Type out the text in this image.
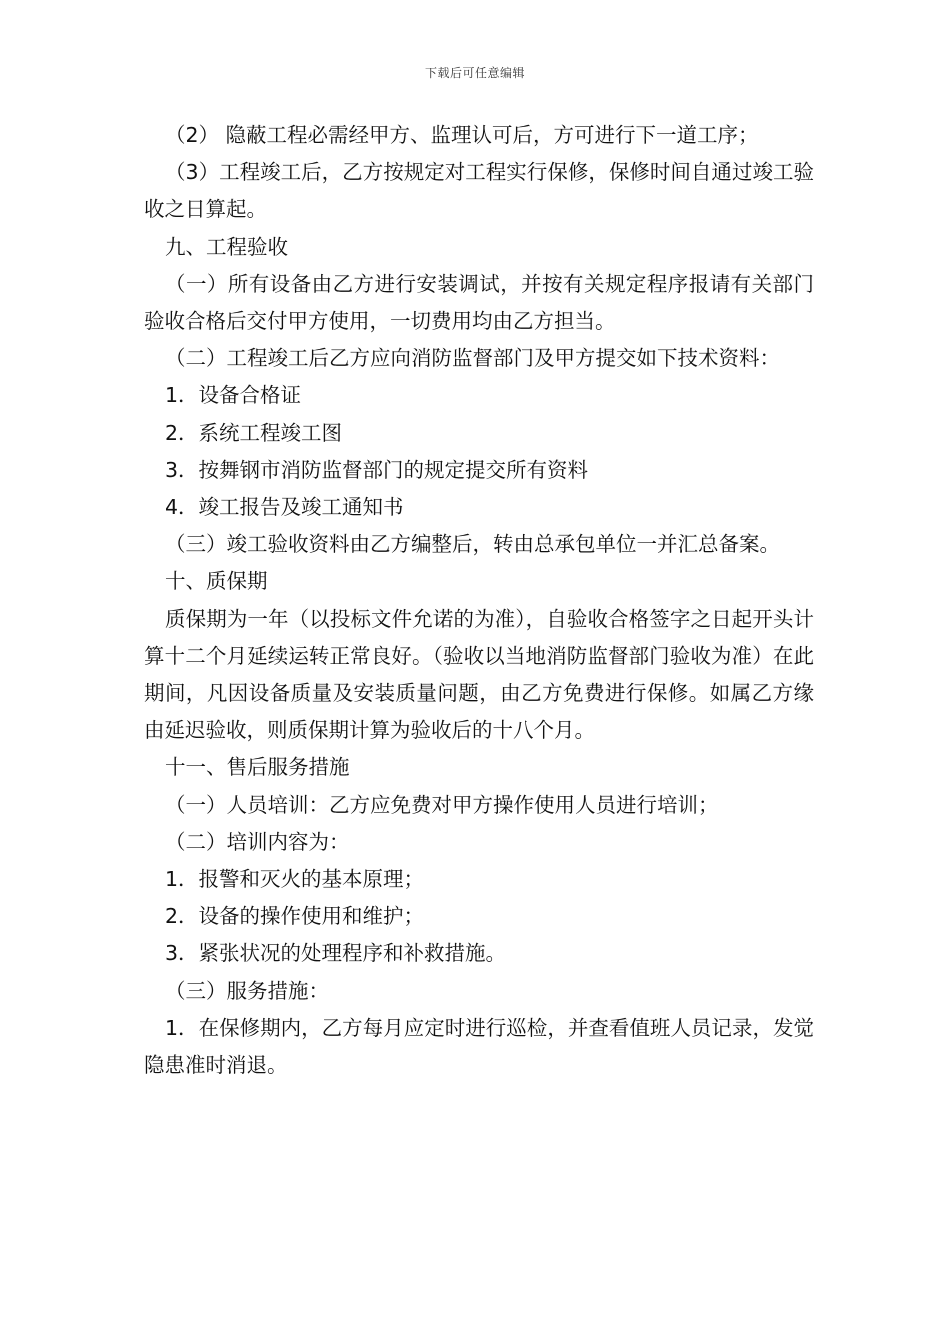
下载后可任意编辑

（2） 隐蔽工程必需经甲方、监理认可后，方可进行下一道工序；

（3）工程竣工后，乙方按规定对工程实行保修，保修时间自通过竣工验收之日算起。

九、工程验收

（一）所有设备由乙方进行安装调试，并按有关规定程序报请有关部门验收合格后交付甲方使用，一切费用均由乙方担当。

（二）工程竣工后乙方应向消防监督部门及甲方提交如下技术资料：

1．设备合格证

2．系统工程竣工图

3．按舞钢市消防监督部门的规定提交所有资料

4．竣工报告及竣工通知书

（三）竣工验收资料由乙方编整后，转由总承包单位一并汇总备案。

十、质保期

质保期为一年（以投标文件允诺的为准），自验收合格签字之日起开头计算十二个月延续运转正常良好。（验收以当地消防监督部门验收为准）在此期间，凡因设备质量及安装质量问题，由乙方免费进行保修。如属乙方缘由延迟验收，则质保期计算为验收后的十八个月。

十一、售后服务措施

（一）人员培训：乙方应免费对甲方操作使用人员进行培训；

（二）培训内容为：

1．报警和灭火的基本原理；

2．设备的操作使用和维护；

3．紧张状况的处理程序和补救措施。

（三）服务措施：

1．在保修期内，乙方每月应定时进行巡检，并查看值班人员记录，发觉隐患准时消退。
